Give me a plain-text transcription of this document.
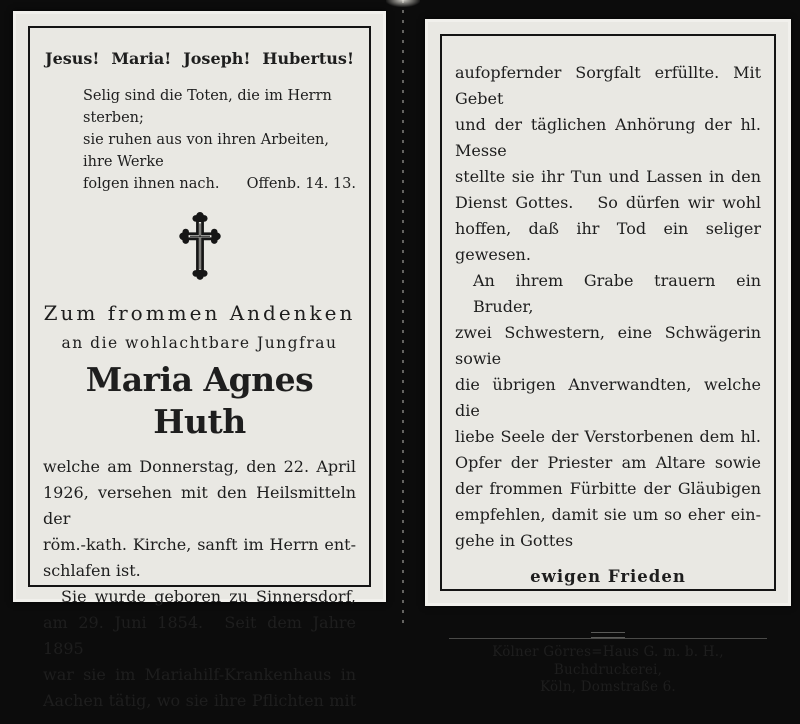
Jesus! Maria! Joseph! Hubertus!
Selig sind die Toten, die im Herrn sterben;
sie ruhen aus von ihren Arbeiten, ihre Werke
folgen ihnen nach. Offenb. 14. 13.
Zum frommen Andenken
an die wohlachtbare Jungfrau
Maria Agnes Huth
welche am Donnerstag, den 22. April
1926, versehen mit den Heilsmitteln der
röm.-kath. Kirche, sanft im Herrn ent-
schlafen ist.
Sie wurde geboren zu Sinnersdorf,
am 29. Juni 1854.  Seit dem Jahre 1895
war sie im Mariahilf-Krankenhaus in
Aachen tätig, wo sie ihre Pflichten mit
aufopfernder Sorgfalt erfüllte. Mit Gebet
und der täglichen Anhörung der hl. Messe
stellte sie ihr Tun und Lassen in den
Dienst Gottes.   So dürfen wir wohl
hoffen, daß ihr Tod ein seliger gewesen.
An ihrem Grabe trauern ein Bruder,
zwei Schwestern, eine Schwägerin sowie
die übrigen Anverwandten, welche die
liebe Seele der Verstorbenen dem hl.
Opfer der Priester am Altare sowie
der frommen Fürbitte der Gläubigen
empfehlen, damit sie um so eher ein-
gehe in Gottes
ewigen Frieden
Kölner Görres=Haus G. m. b. H., Buchdruckerei,
Köln, Domstraße 6.
